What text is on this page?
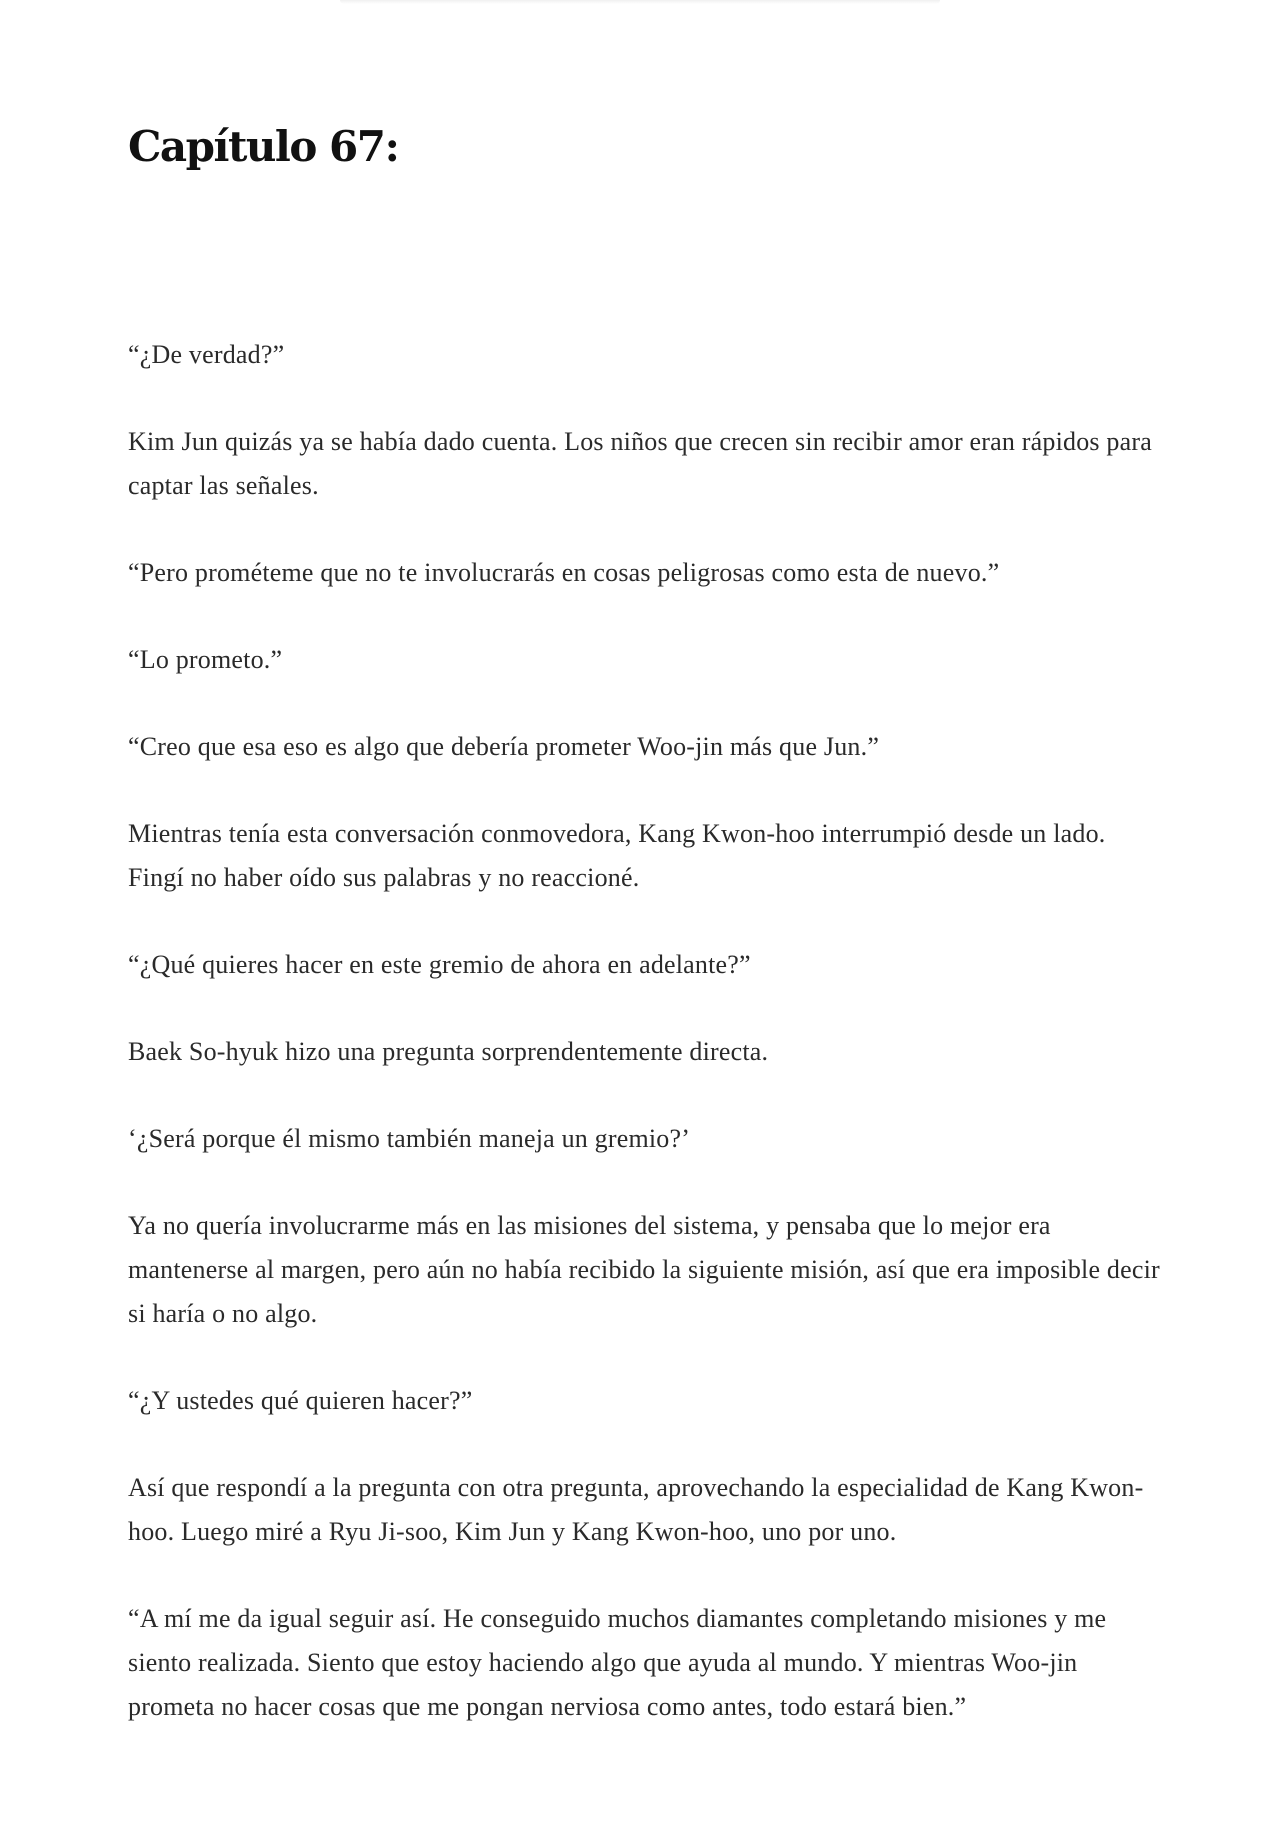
Capítulo 67:

“¿De verdad?”

Kim Jun quizás ya se había dado cuenta. Los niños que crecen sin recibir amor eran rápidos para captar las señales.

“Pero prométeme que no te involucrarás en cosas peligrosas como esta de nuevo.”

“Lo prometo.”

“Creo que esa eso es algo que debería prometer Woo-jin más que Jun.”

Mientras tenía esta conversación conmovedora, Kang Kwon-hoo interrumpió desde un lado. Fingí no haber oído sus palabras y no reaccioné.

“¿Qué quieres hacer en este gremio de ahora en adelante?”

Baek So-hyuk hizo una pregunta sorprendentemente directa.

‘¿Será porque él mismo también maneja un gremio?’

Ya no quería involucrarme más en las misiones del sistema, y pensaba que lo mejor era mantenerse al margen, pero aún no había recibido la siguiente misión, así que era imposible decir si haría o no algo.

“¿Y ustedes qué quieren hacer?”

Así que respondí a la pregunta con otra pregunta, aprovechando la especialidad de Kang Kwon-hoo. Luego miré a Ryu Ji-soo, Kim Jun y Kang Kwon-hoo, uno por uno.

“A mí me da igual seguir así. He conseguido muchos diamantes completando misiones y me siento realizada. Siento que estoy haciendo algo que ayuda al mundo. Y mientras Woo-jin prometa no hacer cosas que me pongan nerviosa como antes, todo estará bien.”
